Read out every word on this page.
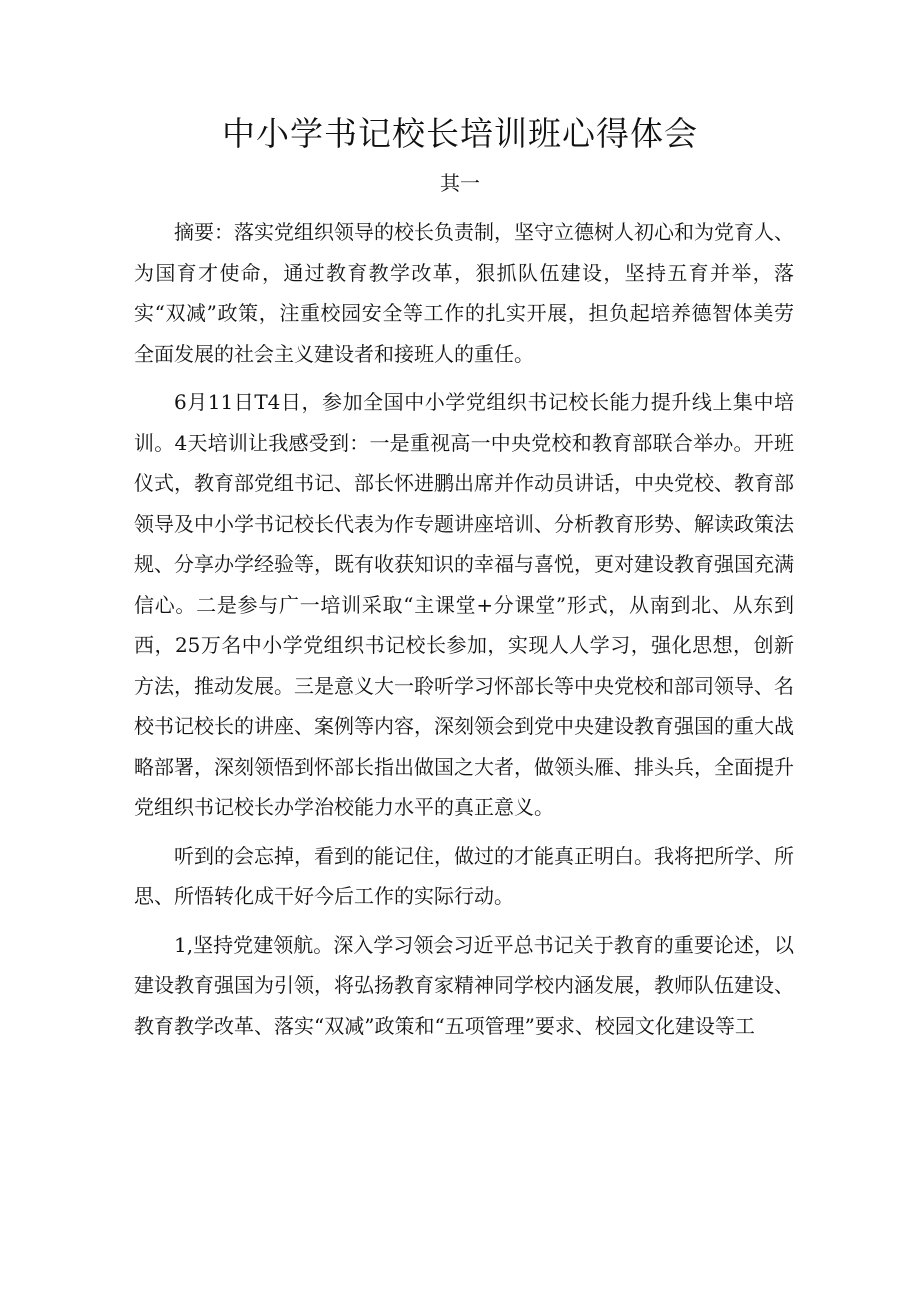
中小学书记校长培训班心得体会
其一

摘要：落实党组织领导的校长负责制，坚守立德树人初心和为党育人、为国育才使命，通过教育教学改革，狠抓队伍建设，坚持五育并举，落实“双减”政策，注重校园安全等工作的扎实开展，担负起培养德智体美劳全面发展的社会主义建设者和接班人的重任。

6月11日T4日，参加全国中小学党组织书记校长能力提升线上集中培训。4天培训让我感受到：一是重视高一中央党校和教育部联合举办。开班仪式，教育部党组书记、部长怀进鹏出席并作动员讲话，中央党校、教育部领导及中小学书记校长代表为作专题讲座培训、分析教育形势、解读政策法规、分享办学经验等，既有收获知识的幸福与喜悦，更对建设教育强国充满信心。二是参与广一培训采取“主课堂+分课堂”形式，从南到北、从东到西，25万名中小学党组织书记校长参加，实现人人学习，强化思想，创新方法，推动发展。三是意义大一聆听学习怀部长等中央党校和部司领导、名校书记校长的讲座、案例等内容，深刻领会到党中央建设教育强国的重大战略部署，深刻领悟到怀部长指出做国之大者，做领头雁、排头兵，全面提升党组织书记校长办学治校能力水平的真正意义。

听到的会忘掉，看到的能记住，做过的才能真正明白。我将把所学、所思、所悟转化成干好今后工作的实际行动。

1,坚持党建领航。深入学习领会习近平总书记关于教育的重要论述，以建设教育强国为引领，将弘扬教育家精神同学校内涵发展，教师队伍建设、教育教学改革、落实“双减”政策和“五项管理”要求、校园文化建设等工
